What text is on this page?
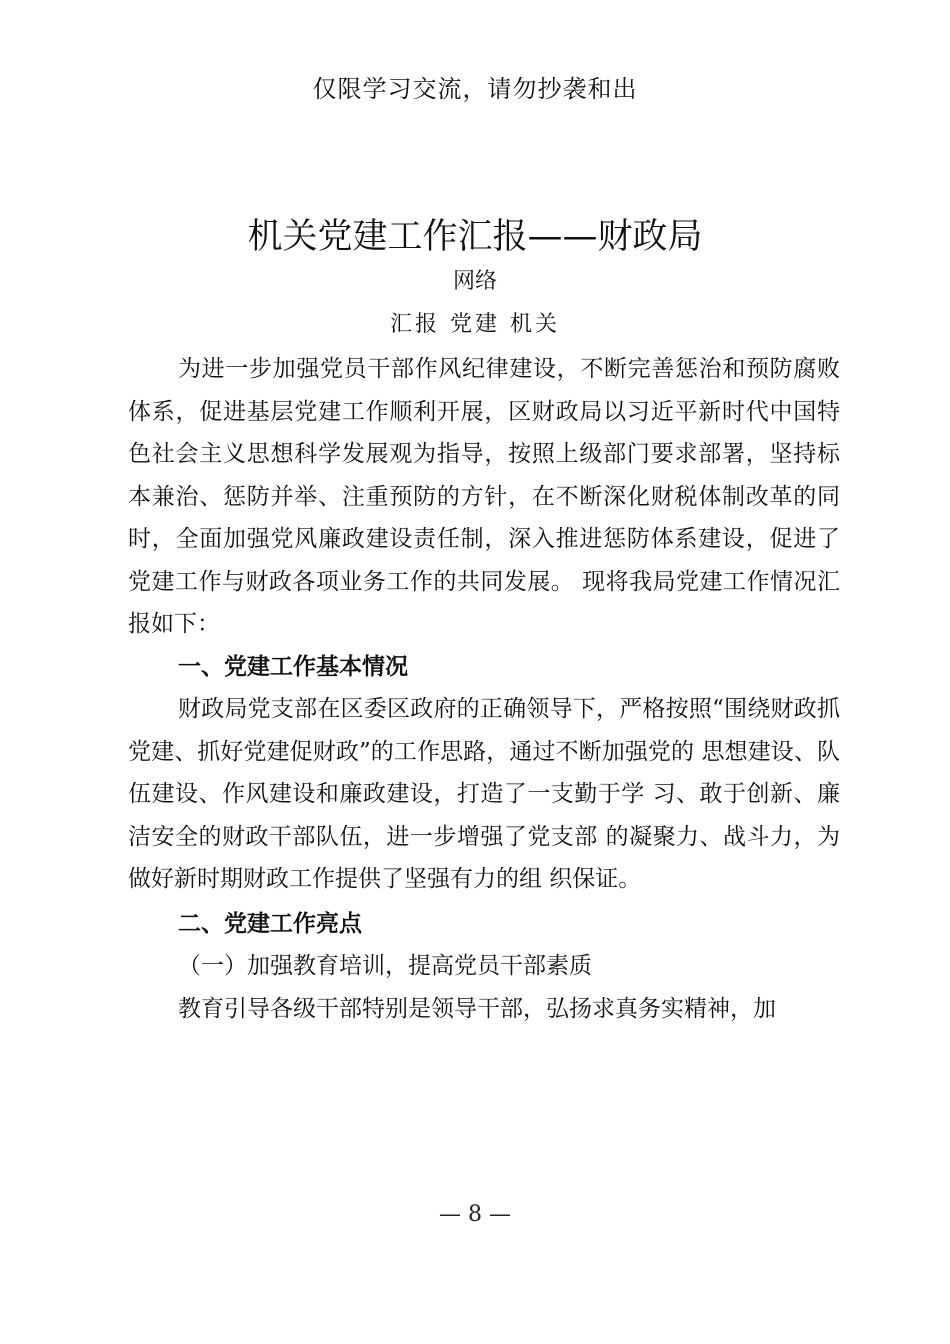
仅限学习交流，请勿抄袭和出
机关党建工作汇报——财政局
网络
汇报 党建 机关

为进一步加强党员干部作风纪律建设，不断完善惩治和预防腐败体系，促进基层党建工作顺利开展，区财政局以习近平新时代中国特色社会主义思想科学发展观为指导，按照上级部门要求部署，坚持标本兼治、惩防并举、注重预防的方针，在不断深化财税体制改革的同时，全面加强党风廉政建设责任制，深入推进惩防体系建设，促进了党建工作与财政各项业务工作的共同发展。 现将我局党建工作情况汇报如下：

一、党建工作基本情况

财政局党支部在区委区政府的正确领导下，严格按照“围绕财政抓党建、抓好党建促财政”的工作思路，通过不断加强党的 思想建设、队伍建设、作风建设和廉政建设，打造了一支勤于学 习、敢于创新、廉洁安全的财政干部队伍，进一步增强了党支部 的凝聚力、战斗力，为做好新时期财政工作提供了坚强有力的组 织保证。

二、党建工作亮点

（一）加强教育培训，提高党员干部素质

教育引导各级干部特别是领导干部，弘扬求真务实精神，加

— 8 —
